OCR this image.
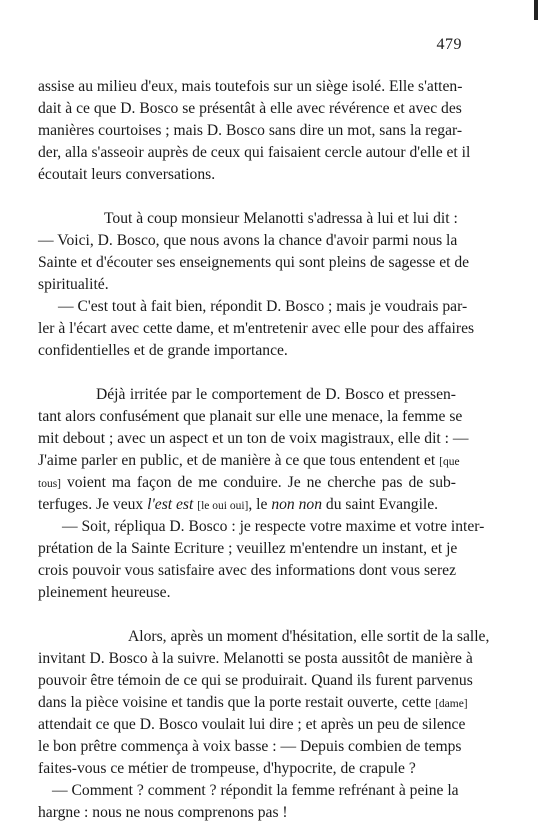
479
assise au milieu d'eux, mais toutefois sur un siège isolé. Elle s'atten-
dait à ce que D. Bosco se présentât à elle avec révérence et avec des
manières courtoises ; mais D. Bosco sans dire un mot, sans la regar-
der, alla s'asseoir auprès de ceux qui faisaient cercle autour d'elle et il
écoutait leurs conversations.
Tout à coup monsieur Melanotti s'adressa à lui et lui dit :
— Voici, D. Bosco, que nous avons la chance d'avoir parmi nous la
Sainte et d'écouter ses enseignements qui sont pleins de sagesse et de
spiritualité.
— C'est tout à fait bien, répondit D. Bosco ; mais je voudrais par-
ler à l'écart avec cette dame, et m'entretenir avec elle pour des affaires
confidentielles et de grande importance.
Déjà irritée par le comportement de D. Bosco et pressen-
tant alors confusément que planait sur elle une menace, la femme se
mit debout ; avec un aspect et un ton de voix magistraux, elle dit : —
J'aime parler en public, et de manière à ce que tous entendent et [que
tous] voient ma façon de me conduire. Je ne cherche pas de sub-
terfuges. Je veux l'est est [le oui oui], le non non du saint Evangile.
— Soit, répliqua D. Bosco : je respecte votre maxime et votre inter-
prétation de la Sainte Ecriture ; veuillez m'entendre un instant, et je
crois pouvoir vous satisfaire avec des informations dont vous serez
pleinement heureuse.
Alors, après un moment d'hésitation, elle sortit de la salle,
invitant D. Bosco à la suivre. Melanotti se posta aussitôt de manière à
pouvoir être témoin de ce qui se produirait. Quand ils furent parvenus
dans la pièce voisine et tandis que la porte restait ouverte, cette [dame]
attendait ce que D. Bosco voulait lui dire ; et après un peu de silence
le bon prêtre commença à voix basse : — Depuis combien de temps
faites-vous ce métier de trompeuse, d'hypocrite, de crapule ?
— Comment ? comment ? répondit la femme refrénant à peine la
hargne : nous ne nous comprenons pas !
